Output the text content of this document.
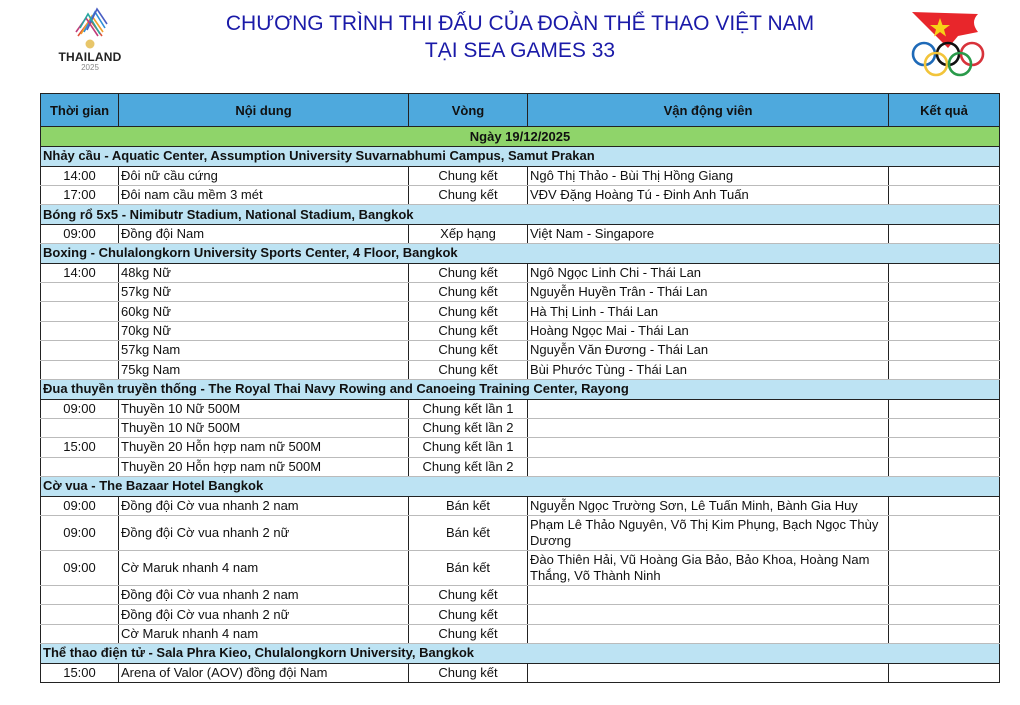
THAILAND
2025
CHƯƠNG TRÌNH THI ĐẤU CỦA ĐOÀN THỂ THAO VIỆT NAM
TẠI SEA GAMES 33
Thời gian	Nội dung	Vòng	Vận động viên	Kết quả
Ngày 19/12/2025				
Nhảy cầu - Aquatic Center, Assumption University Suvarnabhumi Campus, Samut Prakan				
14:00	Đôi nữ cầu cứng	Chung kết	Ngô Thị Thảo - Bùi Thị Hồng Giang	
17:00	Đôi nam cầu mềm 3 mét	Chung kết	VĐV Đặng Hoàng Tú - Đinh Anh Tuấn	
Bóng rổ 5x5 - Nimibutr Stadium, National Stadium, Bangkok				
09:00	Đồng đội Nam	Xếp hạng	Việt Nam - Singapore	
Boxing - Chulalongkorn University Sports Center, 4 Floor, Bangkok				
14:00	48kg Nữ	Chung kết	Ngô Ngọc Linh Chi - Thái Lan	
	57kg Nữ	Chung kết	Nguyễn Huyền Trân - Thái Lan	
	60kg Nữ	Chung kết	Hà Thị Linh - Thái Lan	
	70kg Nữ	Chung kết	Hoàng Ngọc Mai - Thái Lan	
	57kg Nam	Chung kết	Nguyễn Văn Đương - Thái Lan	
	75kg Nam	Chung kết	Bùi Phước Tùng - Thái Lan	
Đua thuyền truyền thống - The Royal Thai Navy Rowing and Canoeing Training Center, Rayong				
09:00	Thuyền 10 Nữ 500M	Chung kết lần 1		
	Thuyền 10 Nữ 500M	Chung kết lần 2		
15:00	Thuyền 20 Hỗn hợp nam nữ 500M	Chung kết lần 1		
	Thuyền 20 Hỗn hợp nam nữ 500M	Chung kết lần 2		
Cờ vua - The Bazaar Hotel Bangkok				
09:00	Đồng đội Cờ vua nhanh 2 nam	Bán kết	Nguyễn Ngọc Trường Sơn, Lê Tuấn Minh, Bành Gia Huy	
09:00	Đồng đội Cờ vua nhanh 2 nữ	Bán kết	Phạm Lê Thảo Nguyên, Võ Thị Kim Phụng, Bạch Ngọc Thùy Dương	
09:00	Cờ Maruk nhanh 4 nam	Bán kết	Đào Thiên Hải, Vũ Hoàng Gia Bảo, Bảo Khoa, Hoàng Nam Thắng, Võ Thành Ninh	
	Đồng đội Cờ vua nhanh 2 nam	Chung kết		
	Đồng đội Cờ vua nhanh 2 nữ	Chung kết		
	Cờ Maruk nhanh 4 nam	Chung kết		
Thể thao điện tử - Sala Phra Kieo, Chulalongkorn University, Bangkok				
15:00	Arena of Valor (AOV) đồng đội Nam	Chung kết		
